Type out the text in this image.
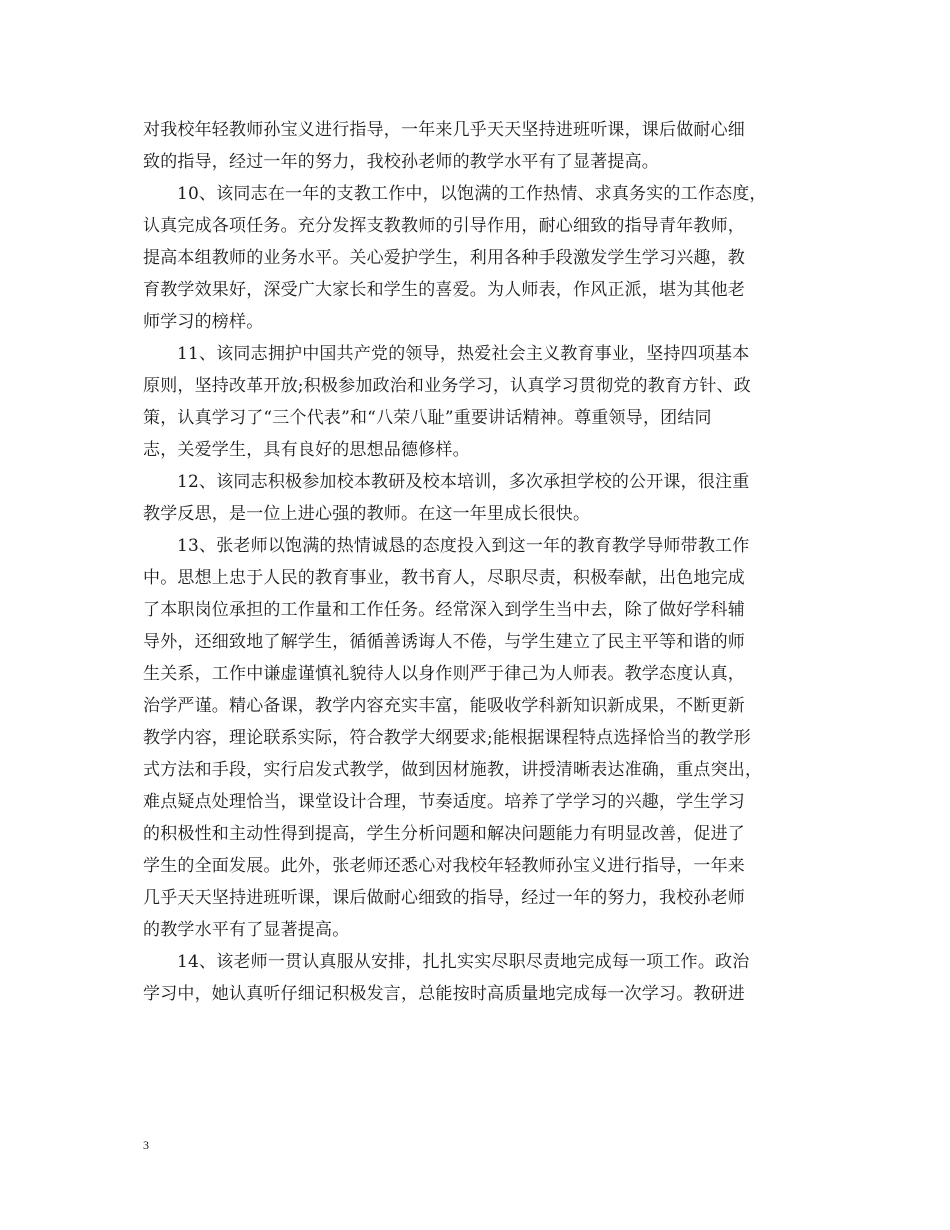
对我校年轻教师孙宝义进行指导，一年来几乎天天坚持进班听课，课后做耐心细
致的指导，经过一年的努力，我校孙老师的教学水平有了显著提高。
10、该同志在一年的支教工作中，以饱满的工作热情、求真务实的工作态度，
认真完成各项任务。充分发挥支教教师的引导作用，耐心细致的指导青年教师，
提高本组教师的业务水平。关心爱护学生，利用各种手段激发学生学习兴趣，教
育教学效果好，深受广大家长和学生的喜爱。为人师表，作风正派，堪为其他老
师学习的榜样。
11、该同志拥护中国共产党的领导，热爱社会主义教育事业，坚持四项基本
原则，坚持改革开放;积极参加政治和业务学习，认真学习贯彻党的教育方针、政
策，认真学习了“三个代表”和“八荣八耻”重要讲话精神。尊重领导，团结同
志，关爱学生，具有良好的思想品德修样。
12、该同志积极参加校本教研及校本培训，多次承担学校的公开课，很注重
教学反思，是一位上进心强的教师。在这一年里成长很快。
13、张老师以饱满的热情诚恳的态度投入到这一年的教育教学导师带教工作
中。思想上忠于人民的教育事业，教书育人，尽职尽责，积极奉献，出色地完成
了本职岗位承担的工作量和工作任务。经常深入到学生当中去，除了做好学科辅
导外，还细致地了解学生，循循善诱诲人不倦，与学生建立了民主平等和谐的师
生关系，工作中谦虚谨慎礼貌待人以身作则严于律己为人师表。教学态度认真，
治学严谨。精心备课，教学内容充实丰富，能吸收学科新知识新成果，不断更新
教学内容，理论联系实际，符合教学大纲要求;能根据课程特点选择恰当的教学形
式方法和手段，实行启发式教学，做到因材施教，讲授清晰表达准确，重点突出，
难点疑点处理恰当，课堂设计合理，节奏适度。培养了学学习的兴趣，学生学习
的积极性和主动性得到提高，学生分析问题和解决问题能力有明显改善，促进了
学生的全面发展。此外，张老师还悉心对我校年轻教师孙宝义进行指导，一年来
几乎天天坚持进班听课，课后做耐心细致的指导，经过一年的努力，我校孙老师
的教学水平有了显著提高。
14、该老师一贯认真服从安排，扎扎实实尽职尽责地完成每一项工作。政治
学习中，她认真听仔细记积极发言，总能按时高质量地完成每一次学习。教研进
3
